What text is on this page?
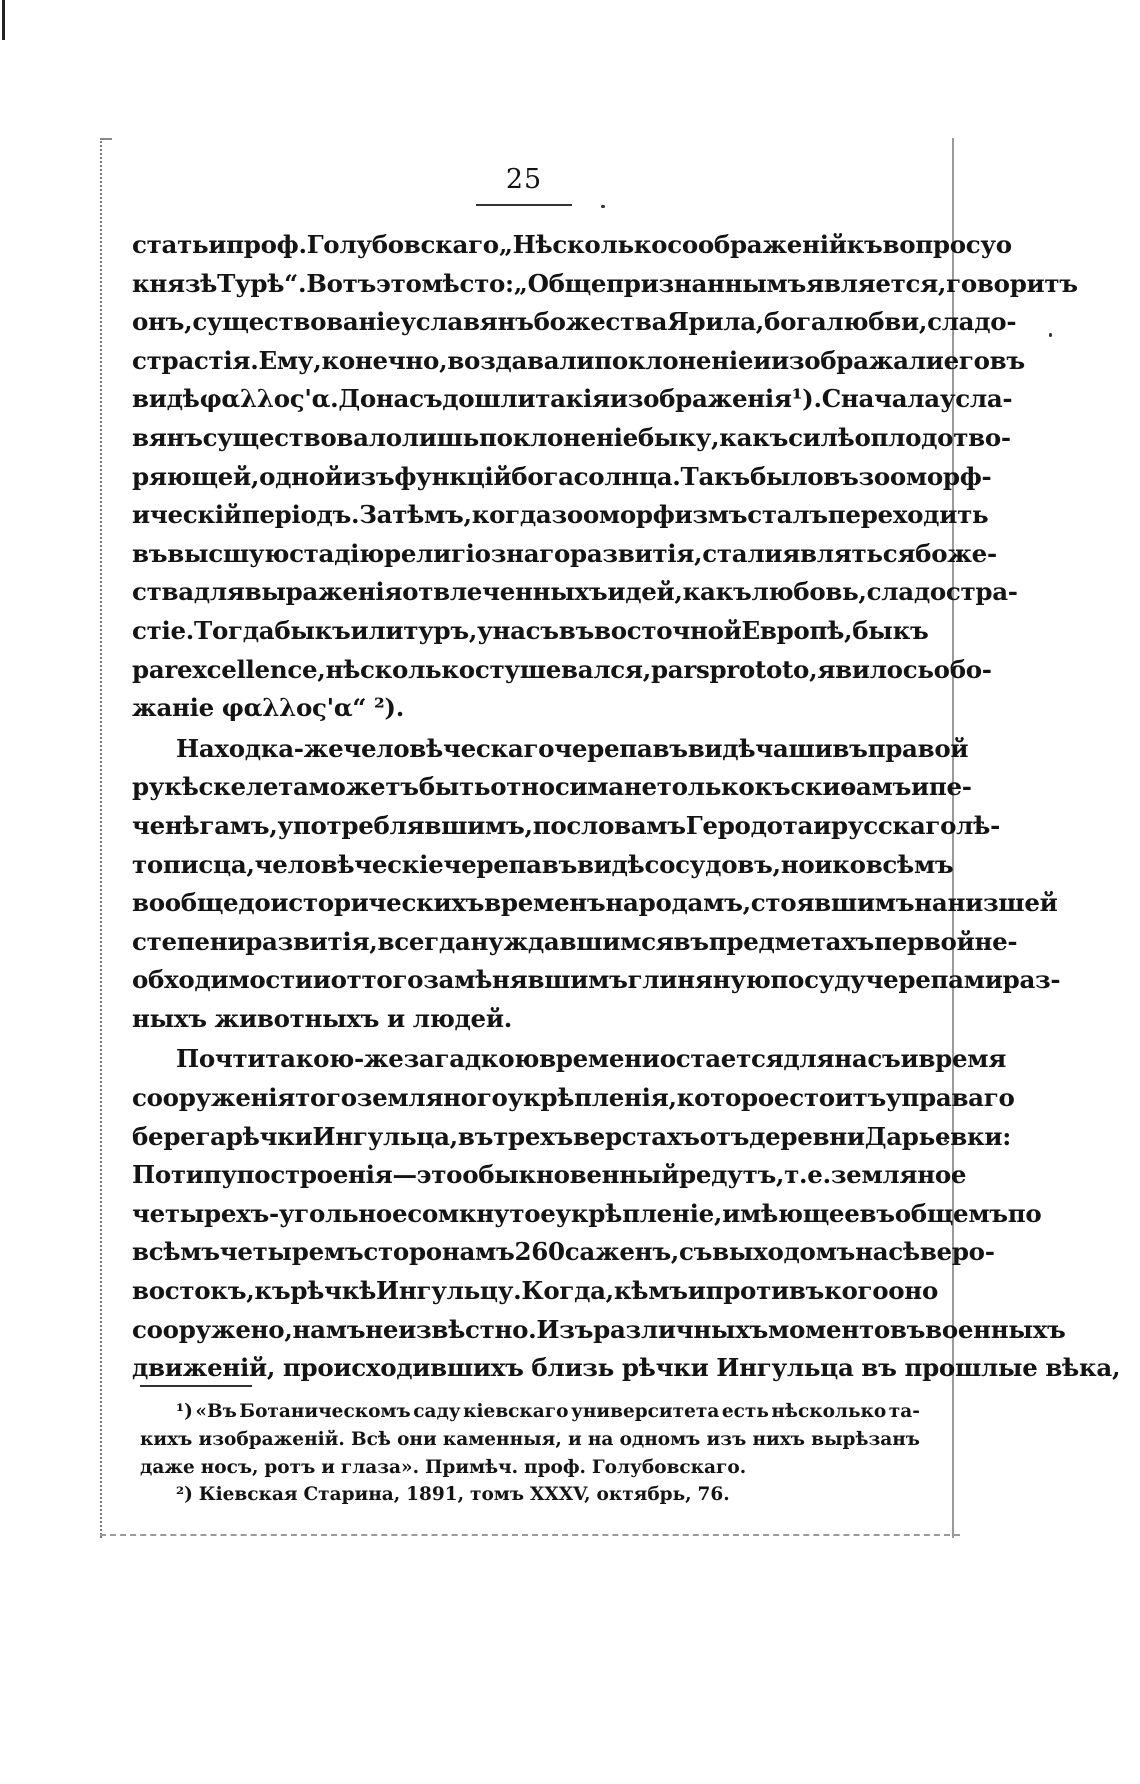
25
статьи проф. Голубовскаго „Нѣсколько соображенiй къ вопросу о
князѣ Турѣ“. Вотъ это мѣсто: „Общепризнаннымъ является, говоритъ
онъ, существованiе у славянъ божества Ярила, бога любви, сладо-
страстiя. Ему, конечно, воздавали поклоненiе и изображали его въ
видѣ φαλλος'α. До насъ дошли такiя изображенiя¹). Сначала у сла-
вянъ существовало лишь поклоненiе быку, какъ силѣ оплодотво-
ряющей, одной изъ функцiй бога солнца. Такъ было въ зооморф-
ическiй перiодъ. Затѣмъ, когда зооморфизмъ сталъ переходить
въ высшую стадiю религiознаго развитiя, стали являться боже-
ства для выраженiя отвлеченныхъ идей, какъ любовь, сладостра-
стiе. Тогда быкъ или туръ, у насъ въ восточной Европѣ, быкъ
par excellence, нѣсколько стушевался, pars pro toto, явилось обо-
жанiе φαλλος'α“ ²).
Находка-же человѣческаго черепа въ видѣ чаши въ правой
рукѣ скелета можетъ быть относима не только къ скиѳамъ и пе-
ченѣгамъ, употреблявшимъ, по словамъ Геродота и русскаго лѣ-
тописца, человѣческiе черепа въ видѣ сосудовъ, но и ко всѣмъ
вообще доисторическихъ временъ народамъ, стоявшимъ на низшей
степени развитiя, всегда нуждавшимся въ предметахъ первой не-
обходимости и оттого замѣнявшимъ глиняную посуду черепами раз-
ныхъ животныхъ и людей.
Почти такою-же загадкою времени остается для насъ и время
сооруженiя того земляного укрѣпленiя, которое стоитъ у праваго
берега рѣчки Ингульца, въ трехъ верстахъ отъ деревни Дарьевки:
По типу построенiя — это обыкновенный редутъ, т. е. земляное
четырехъ-угольное сомкнутое укрѣпленiе, имѣющее въ общемъ по
всѣмъ четыремъ сторонамъ 260 саженъ, съ выходомъ на сѣверо-
востокъ, къ рѣчкѣ Ингульцу. Когда, кѣмъ и противъ кого оно
сооружено, намъ неизвѣстно. Изъ различныхъ моментовъ военныхъ
движенiй, происходившихъ близь рѣчки Ингульца въ прошлые вѣка,
¹) «Въ Ботаническомъ саду кiевскаго университета есть нѣсколько та-
кихъ изображенiй. Всѣ они каменныя, и на одномъ изъ нихъ вырѣзанъ
даже носъ, ротъ и глаза». Примѣч. проф. Голубовскаго.
²) Кiевская Старина, 1891, томъ XXXV, октябрь, 76.
